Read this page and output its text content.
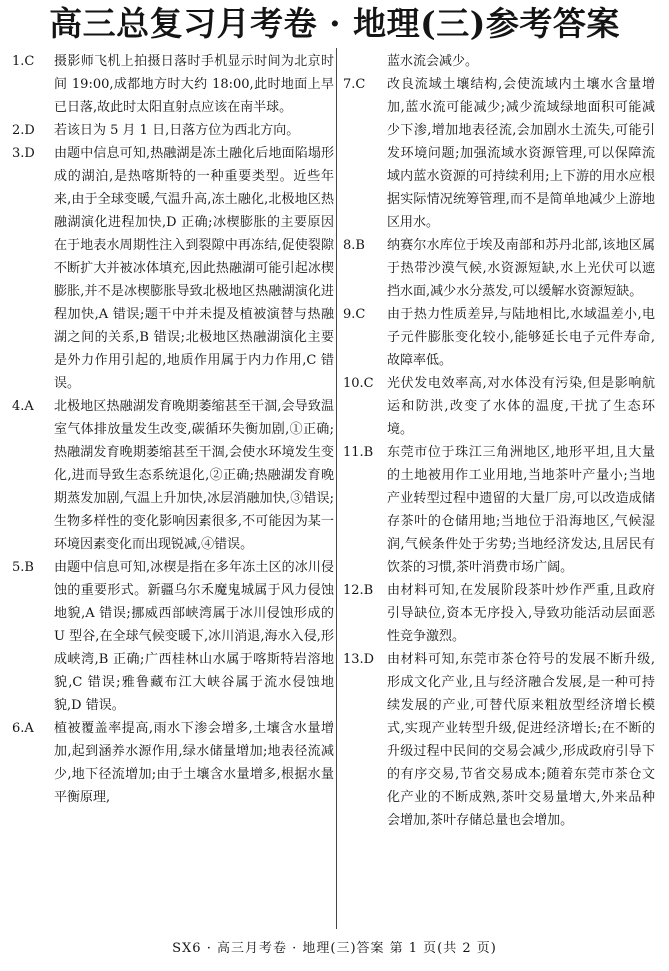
高三总复习月考卷 · 地理(三)参考答案
1.C 摄影师飞机上拍摄日落时手机显示时间为北京时间 19:00,成都地方时大约 18:00,此时地面上早已日落,故此时太阳直射点应该在南半球。
2.D 若该日为 5 月 1 日,日落方位为西北方向。
3.D 由题中信息可知,热融湖是冻土融化后地面陷塌形成的湖泊,是热喀斯特的一种重要类型。近些年来,由于全球变暖,气温升高,冻土融化,北极地区热融湖演化进程加快,D 正确;冰楔膨胀的主要原因在于地表水周期性注入到裂隙中再冻结,促使裂隙不断扩大并被冰体填充,因此热融湖可能引起冰楔膨胀,并不是冰楔膨胀导致北极地区热融湖演化进程加快,A 错误;题干中并未提及植被演替与热融湖之间的关系,B 错误;北极地区热融湖演化主要是外力作用引起的,地质作用属于内力作用,C 错误。
4.A 北极地区热融湖发育晚期萎缩甚至干涸,会导致温室气体排放量发生改变,碳循环失衡加剧,①正确;热融湖发育晚期萎缩甚至干涸,会使水环境发生变化,进而导致生态系统退化,②正确;热融湖发育晚期蒸发加剧,气温上升加快,冰层消融加快,③错误;生物多样性的变化影响因素很多,不可能因为某一环境因素变化而出现锐减,④错误。
5.B 由题中信息可知,冰楔是指在多年冻土区的冰川侵蚀的重要形式。新疆乌尔禾魔鬼城属于风力侵蚀地貌,A 错误;挪威西部峡湾属于冰川侵蚀形成的 U 型谷,在全球气候变暖下,冰川消退,海水入侵,形成峡湾,B 正确;广西桂林山水属于喀斯特岩溶地貌,C 错误;雅鲁藏布江大峡谷属于流水侵蚀地貌,D 错误。
6.A 植被覆盖率提高,雨水下渗会增多,土壤含水量增加,起到涵养水源作用,绿水储量增加;地表径流减少,地下径流增加;由于土壤含水量增多,根据水量平衡原理,
蓝水流会减少。
7.C 改良流域土壤结构,会使流域内土壤水含量增加,蓝水流可能减少;减少流域绿地面积可能减少下渗,增加地表径流,会加剧水土流失,可能引发环境问题;加强流域水资源管理,可以保障流域内蓝水资源的可持续利用;上下游的用水应根据实际情况统筹管理,而不是简单地减少上游地区用水。
8.B 纳赛尔水库位于埃及南部和苏丹北部,该地区属于热带沙漠气候,水资源短缺,水上光伏可以遮挡水面,减少水分蒸发,可以缓解水资源短缺。
9.C 由于热力性质差异,与陆地相比,水域温差小,电子元件膨胀变化较小,能够延长电子元件寿命,故障率低。
10.C 光伏发电效率高,对水体没有污染,但是影响航运和防洪,改变了水体的温度,干扰了生态环境。
11.B 东莞市位于珠江三角洲地区,地形平坦,且大量的土地被用作工业用地,当地茶叶产量小;当地产业转型过程中遗留的大量厂房,可以改造成储存茶叶的仓储用地;当地位于沿海地区,气候湿润,气候条件处于劣势;当地经济发达,且居民有饮茶的习惯,茶叶消费市场广阔。
12.B 由材料可知,在发展阶段茶叶炒作严重,且政府引导缺位,资本无序投入,导致功能活动层面恶性竞争激烈。
13.D 由材料可知,东莞市茶仓符号的发展不断升级,形成文化产业,且与经济融合发展,是一种可持续发展的产业,可替代原来粗放型经济增长模式,实现产业转型升级,促进经济增长;在不断的升级过程中民间的交易会减少,形成政府引导下的有序交易,节省交易成本;随着东莞市茶仓文化产业的不断成熟,茶叶交易量增大,外来品种会增加,茶叶存储总量也会增加。
SX6 · 高三月考卷 · 地理(三)答案 第 1 页(共 2 页)
